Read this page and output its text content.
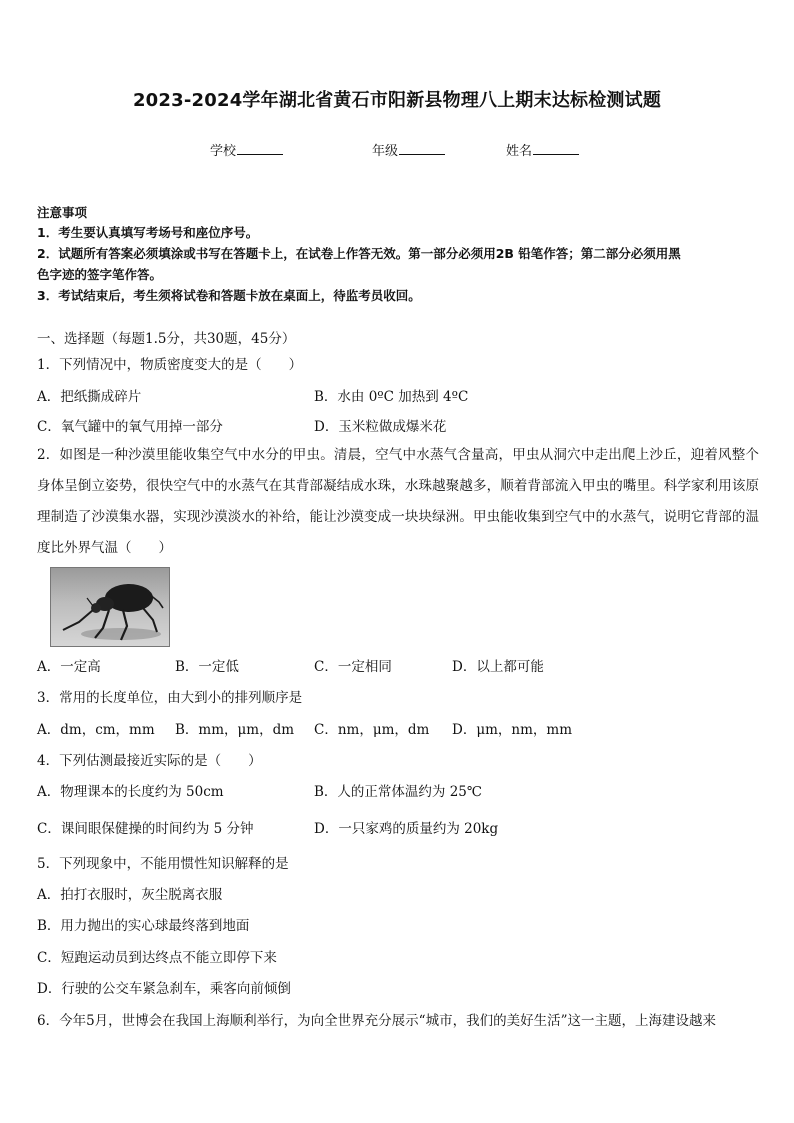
2023-2024学年湖北省黄石市阳新县物理八上期末达标检测试题
学校	年级	姓名
注意事项
1．考生要认真填写考场号和座位序号。
2．试题所有答案必须填涂或书写在答题卡上，在试卷上作答无效。第一部分必须用2B 铅笔作答；第二部分必须用黑
色字迹的签字笔作答。
3．考试结束后，考生须将试卷和答题卡放在桌面上，待监考员收回。
一、选择题（每题1.5分，共30题，45分）
1．下列情况中，物质密度变大的是（　　）
A．把纸撕成碎片	B．水由 0ºC 加热到 4ºC
C．氧气罐中的氧气用掉一部分	D．玉米粒做成爆米花
2．如图是一种沙漠里能收集空气中水分的甲虫。清晨，空气中水蒸气含量高，甲虫从洞穴中走出爬上沙丘，迎着风整个身体呈倒立姿势，很快空气中的水蒸气在其背部凝结成水珠，水珠越聚越多，顺着背部流入甲虫的嘴里。科学家利用该原理制造了沙漠集水器，实现沙漠淡水的补给，能让沙漠变成一块块绿洲。甲虫能收集到空气中的水蒸气，说明它背部的温度比外界气温（　　）
A．一定高	B．一定低	C．一定相同	D．以上都可能
3．常用的长度单位，由大到小的排列顺序是
A．dm，cm，mm B．mm，μm，dm C．nm，μm，dm D．μm，nm，mm
4．下列估测最接近实际的是（　　）
A．物理课本的长度约为 50cm	B．人的正常体温约为 25℃
C．课间眼保健操的时间约为 5 分钟	D．一只家鸡的质量约为 20kg
5．下列现象中，不能用惯性知识解释的是
A．拍打衣服时，灰尘脱离衣服
B．用力抛出的实心球最终落到地面
C．短跑运动员到达终点不能立即停下来
D．行驶的公交车紧急刹车，乘客向前倾倒
6．今年5月，世博会在我国上海顺利举行，为向全世界充分展示“城市，我们的美好生活”这一主题，上海建设越来
